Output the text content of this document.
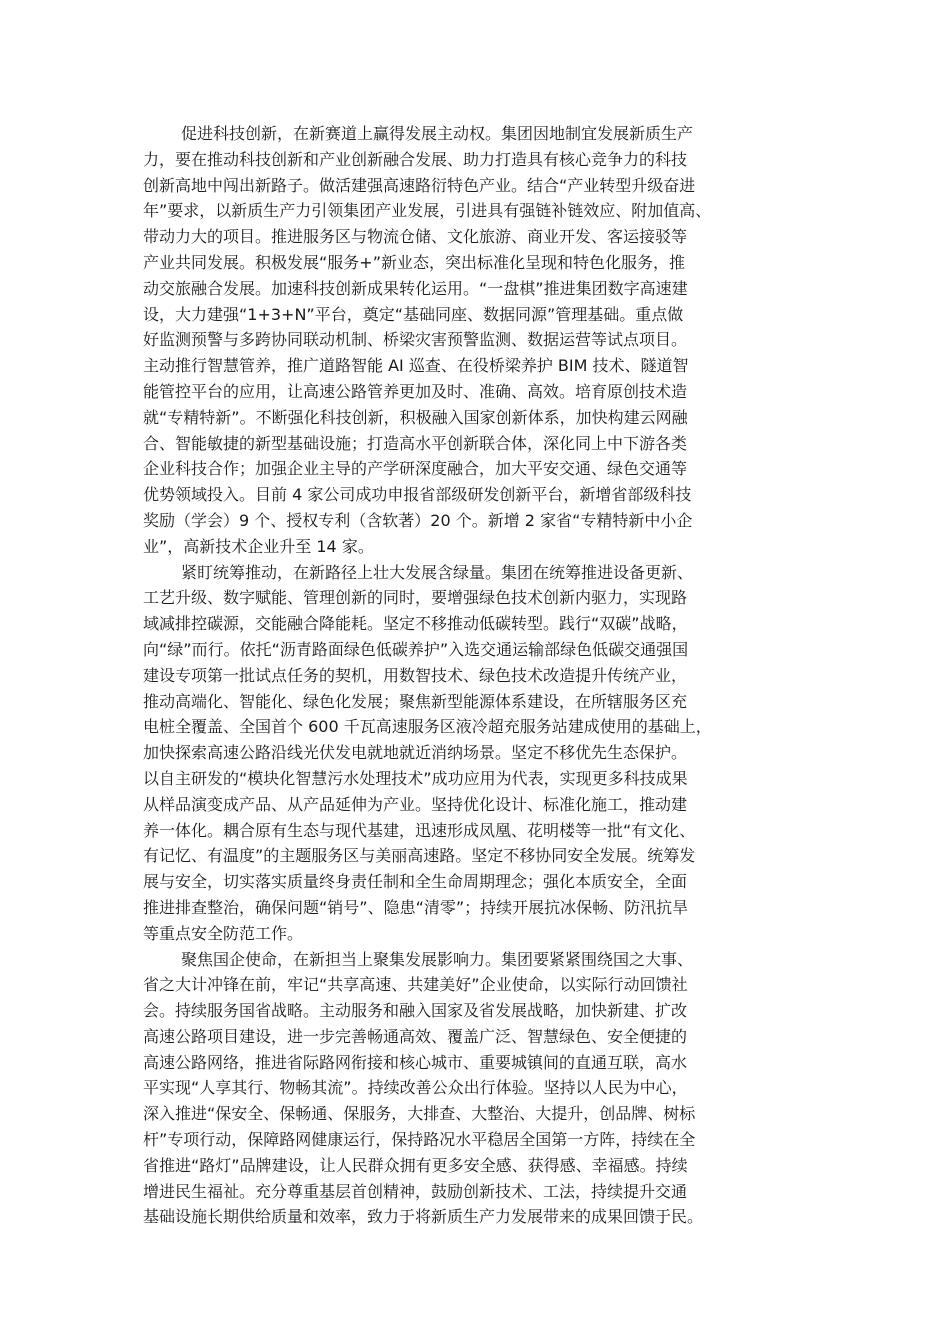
促进科技创新，在新赛道上赢得发展主动权。集团因地制宜发展新质生产
力，要在推动科技创新和产业创新融合发展、助力打造具有核心竞争力的科技
创新高地中闯出新路子。做活建强高速路衍特色产业。结合“产业转型升级奋进
年”要求，以新质生产力引领集团产业发展，引进具有强链补链效应、附加值高、
带动力大的项目。推进服务区与物流仓储、文化旅游、商业开发、客运接驳等
产业共同发展。积极发展“服务+”新业态，突出标准化呈现和特色化服务，推
动交旅融合发展。加速科技创新成果转化运用。“一盘棋”推进集团数字高速建
设，大力建强“1+3+N”平台，奠定“基础同座、数据同源”管理基础。重点做
好监测预警与多跨协同联动机制、桥梁灾害预警监测、数据运营等试点项目。
主动推行智慧管养，推广道路智能 AI 巡查、在役桥梁养护 BIM 技术、隧道智
能管控平台的应用，让高速公路管养更加及时、准确、高效。培育原创技术造
就“专精特新”。不断强化科技创新，积极融入国家创新体系，加快构建云网融
合、智能敏捷的新型基础设施；打造高水平创新联合体，深化同上中下游各类
企业科技合作；加强企业主导的产学研深度融合，加大平安交通、绿色交通等
优势领域投入。目前 4 家公司成功申报省部级研发创新平台，新增省部级科技
奖励（学会）9 个、授权专利（含软著）20 个。新增 2 家省“专精特新中小企
业”，高新技术企业升至 14 家。
紧盯统筹推动，在新路径上壮大发展含绿量。集团在统筹推进设备更新、
工艺升级、数字赋能、管理创新的同时，要增强绿色技术创新内驱力，实现路
域减排控碳源，交能融合降能耗。坚定不移推动低碳转型。践行“双碳”战略，
向“绿”而行。依托“沥青路面绿色低碳养护”入选交通运输部绿色低碳交通强国
建设专项第一批试点任务的契机，用数智技术、绿色技术改造提升传统产业，
推动高端化、智能化、绿色化发展；聚焦新型能源体系建设，在所辖服务区充
电桩全覆盖、全国首个 600 千瓦高速服务区液冷超充服务站建成使用的基础上，
加快探索高速公路沿线光伏发电就地就近消纳场景。坚定不移优先生态保护。
以自主研发的“模块化智慧污水处理技术”成功应用为代表，实现更多科技成果
从样品演变成产品、从产品延伸为产业。坚持优化设计、标准化施工，推动建
养一体化。耦合原有生态与现代基建，迅速形成凤凰、花明楼等一批“有文化、
有记忆、有温度”的主题服务区与美丽高速路。坚定不移协同安全发展。统筹发
展与安全，切实落实质量终身责任制和全生命周期理念；强化本质安全，全面
推进排查整治，确保问题“销号”、隐患“清零”；持续开展抗冰保畅、防汛抗旱
等重点安全防范工作。
聚焦国企使命，在新担当上聚集发展影响力。集团要紧紧围绕国之大事、
省之大计冲锋在前，牢记“共享高速、共建美好”企业使命，以实际行动回馈社
会。持续服务国省战略。主动服务和融入国家及省发展战略，加快新建、扩改
高速公路项目建设，进一步完善畅通高效、覆盖广泛、智慧绿色、安全便捷的
高速公路网络，推进省际路网衔接和核心城市、重要城镇间的直通互联，高水
平实现“人享其行、物畅其流”。持续改善公众出行体验。坚持以人民为中心，
深入推进“保安全、保畅通、保服务，大排查、大整治、大提升，创品牌、树标
杆”专项行动，保障路网健康运行，保持路况水平稳居全国第一方阵，持续在全
省推进“路灯”品牌建设，让人民群众拥有更多安全感、获得感、幸福感。持续
增进民生福祉。充分尊重基层首创精神，鼓励创新技术、工法，持续提升交通
基础设施长期供给质量和效率，致力于将新质生产力发展带来的成果回馈于民。
